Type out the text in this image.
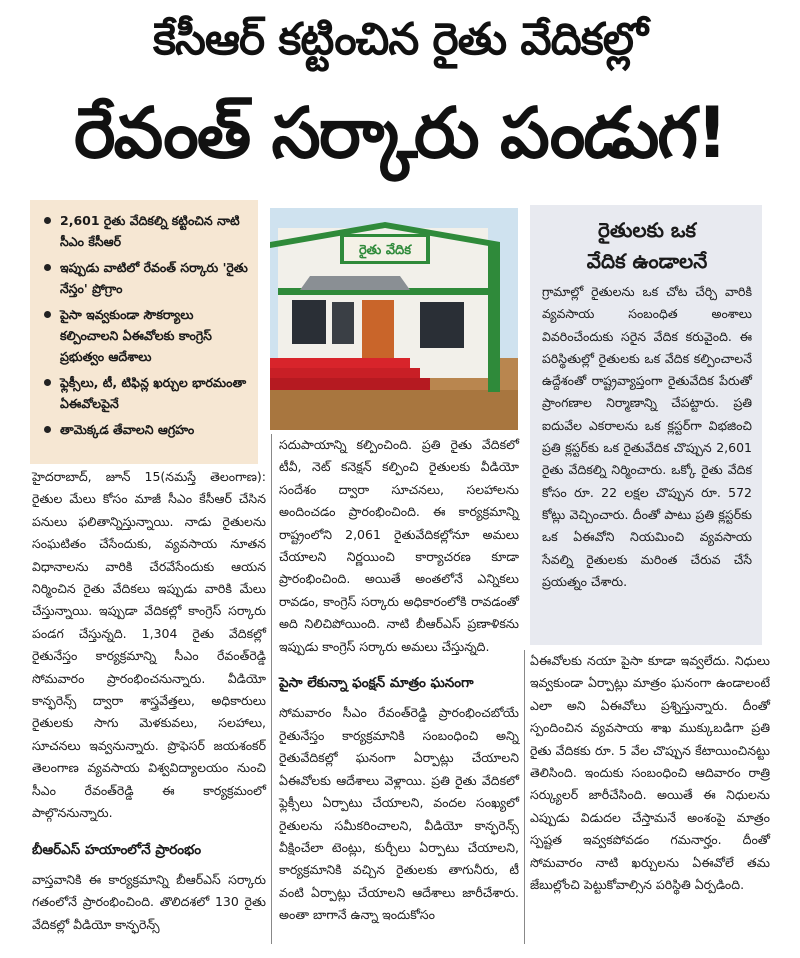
కేసీఆర్ కట్టించిన రైతు వేదికల్లో
రేవంత్ సర్కారు పండుగ!
2,601 రైతు వేదికల్ని కట్టించిన నాటి సీఎం కేసీఆర్
ఇప్పుడు వాటిలో రేవంత్ సర్కారు 'రైతు నేస్తం' ప్రోగ్రాం
పైసా ఇవ్వకుండా సౌకర్యాలు కల్పించాలని ఏఈవోలకు కాంగ్రెస్ ప్రభుత్వం ఆదేశాలు
ఫ్లెక్సీలు, టీ, టిఫిన్ల ఖర్చుల భారమంతా ఏఈవోలపైనే
తామెక్కడ తేవాలని ఆగ్రహం
రైతు వేదిక

హైదరాబాద్, జూన్ 15(నమస్తే తెలంగాణ): రైతుల మేలు కోసం మాజీ సీఎం కేసీఆర్ చేసిన పనులు ఫలితాన్నిస్తున్నాయి. నాడు రైతులను సంఘటితం చేసేందుకు, వ్యవసాయ నూతన విధానాలను వారికి చేరవేసేందుకు ఆయన నిర్మించిన రైతు వేదికలు ఇప్పుడు వారికి మేలు చేస్తున్నాయి. ఇప్పుడా వేదికల్లో కాంగ్రెస్ సర్కారు పండగ చేస్తున్నది. 1,304 రైతు వేదికల్లో రైతునేస్తం కార్యక్రమాన్ని సీఎం రేవంత్‌రెడ్డి సోమవారం ప్రారంభించనున్నారు. వీడియో కాన్ఫరెన్స్ ద్వారా శాస్త్రవేత్తలు, అధికారులు రైతులకు సాగు మెళకువలు, సలహాలు, సూచనలు ఇవ్వనున్నారు. ప్రొఫెసర్ జయశంకర్ తెలంగాణ వ్యవసాయ విశ్వవిద్యాలయం నుంచి సీఎం రేవంత్‌రెడ్డి ఈ కార్యక్రమంలో పాల్గొననున్నారు.

బీఆర్ఎస్ హయాంలోనే ప్రారంభం

వాస్తవానికి ఈ కార్యక్రమాన్ని బీఆర్ఎస్ సర్కారు గతంలోనే ప్రారంభించింది. తొలిదశలో 130 రైతు వేదికల్లో వీడియో కాన్ఫరెన్స్

సదుపాయాన్ని కల్పించింది. ప్రతి రైతు వేదికలో టీవీ, నెట్ కనెక్షన్ కల్పించి రైతులకు వీడియో సందేశం ద్వారా సూచనలు, సలహాలను అందించడం ప్రారంభించింది. ఈ కార్యక్రమాన్ని రాష్ట్రంలోని 2,061 రైతువేదికల్లోనూ అమలు చేయాలని నిర్ణయించి కార్యాచరణ కూడా ప్రారంభించింది. అయితే అంతలోనే ఎన్నికలు రావడం, కాంగ్రెస్ సర్కారు అధికారంలోకి రావడంతో అది నిలిచిపోయింది. నాటి బీఆర్ఎస్ ప్రణాళికను ఇప్పుడు కాంగ్రెస్ సర్కారు అమలు చేస్తున్నది.

పైసా లేకున్నా ఫంక్షన్ మాత్రం ఘనంగా

సోమవారం సీఎం రేవంత్‌రెడ్డి ప్రారంభించబోయే రైతునేస్తం కార్యక్రమానికి సంబంధించి అన్ని రైతువేదికల్లో ఘనంగా ఏర్పాట్లు చేయాలని ఏఈవోలకు ఆదేశాలు వెళ్లాయి. ప్రతి రైతు వేదికలో ఫ్లెక్సీలు ఏర్పాటు చేయాలని, వందల సంఖ్యలో రైతులను సమీకరించాలని, వీడియో కాన్ఫరెన్స్ వీక్షించేలా టెంట్లు, కుర్చీలు ఏర్పాటు చేయాలని, కార్యక్రమానికి వచ్చిన రైతులకు తాగునీరు, టీ వంటి ఏర్పాట్లు చేయాలని ఆదేశాలు జారీచేశారు. అంతా బాగానే ఉన్నా ఇందుకోసం

రైతులకు ఒక
వేదిక ఉండాలనే
గ్రామాల్లో రైతులను ఒక చోట చేర్చి వారికి వ్యవసాయ సంబంధిత అంశాలు వివరించేందుకు సరైన వేదిక కరువైంది. ఈ పరిస్థితుల్లో రైతులకు ఒక వేదిక కల్పించాలనే ఉద్దేశంతో రాష్ట్రవ్యాప్తంగా రైతువేదిక పేరుతో ప్రాంగణాల నిర్మాణాన్ని చేపట్టారు. ప్రతి ఐదువేల ఎకరాలను ఒక క్లస్టర్‌గా విభజించి ప్రతి క్లస్టర్‌కు ఒక రైతువేదిక చొప్పున 2,601 రైతు వేదికల్ని నిర్మించారు. ఒక్కో రైతు వేదిక కోసం రూ. 22 లక్షల చొప్పున రూ. 572 కోట్లు వెచ్చించారు. దీంతో పాటు ప్రతి క్లస్టర్‌కు ఒక ఏఈవోని నియమించి వ్యవసాయ సేవల్ని రైతులకు మరింత చేరువ చేసే ప్రయత్నం చేశారు.

ఏఈవోలకు నయా పైసా కూడా ఇవ్వలేదు. నిధులు ఇవ్వకుండా ఏర్పాట్లు మాత్రం ఘనంగా ఉండాలంటే ఎలా అని ఏఈవోలు ప్రశ్నిస్తున్నారు. దీంతో స్పందించిన వ్యవసాయ శాఖ ముక్కుబడిగా ప్రతి రైతు వేదికకు రూ. 5 వేల చొప్పున కేటాయించినట్టు తెలిసింది. ఇందుకు సంబంధించి ఆదివారం రాత్రి సర్క్యులర్ జారీచేసింది. అయితే ఈ నిధులను ఎప్పుడు విడుదల చేస్తామనే అంశంపై మాత్రం స్పష్టత ఇవ్వకపోవడం గమనార్హం. దీంతో సోమవారం నాటి ఖర్చులను ఏఈవోలే తమ జేబుల్లోంచి పెట్టుకోవాల్సిన పరిస్థితి ఏర్పడింది.
